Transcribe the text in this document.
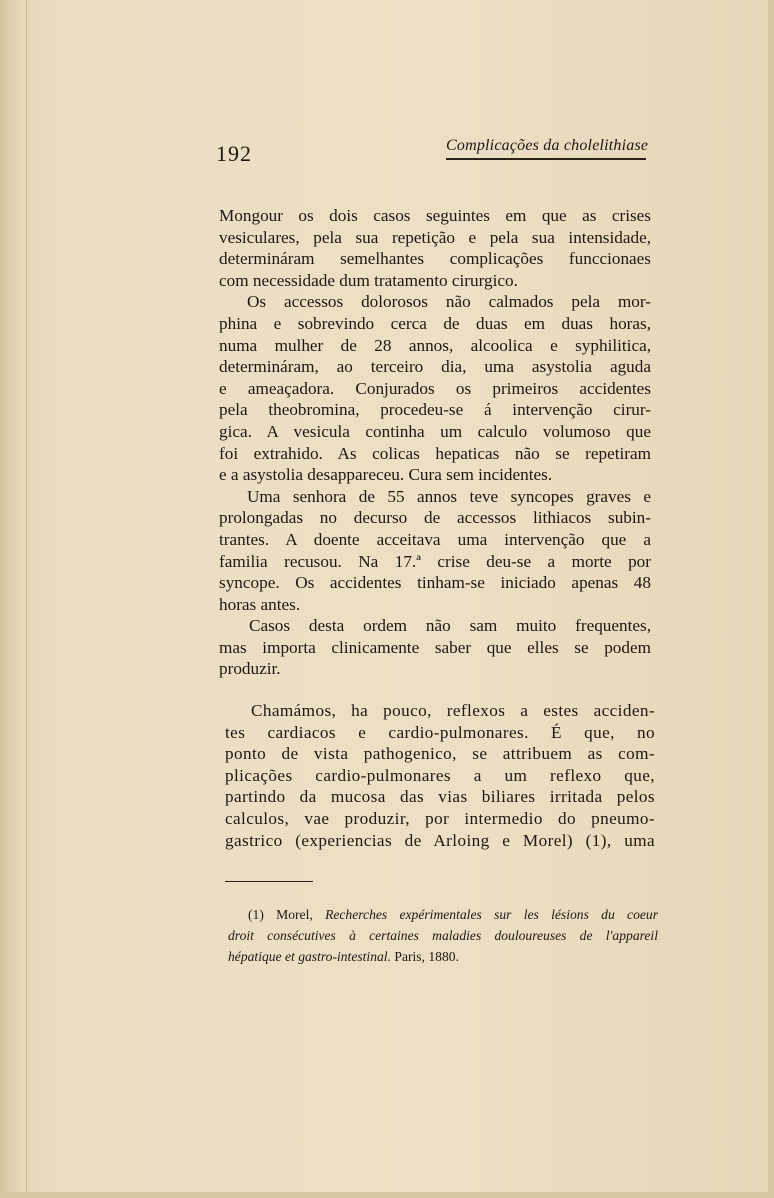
192	Complicações da cholelithiase

Mongour os dois casos seguintes em que as crises
vesiculares, pela sua repetição e pela sua intensidade,
determináram semelhantes complicações funccionaes
com necessidade dum tratamento cirurgico.

Os accessos dolorosos não calmados pela mor-

phina e sobrevindo cerca de duas em duas horas,
numa mulher de 28 annos, alcoolica e syphilitica,
determináram, ao terceiro dia, uma asystolia aguda
e ameaçadora. Conjurados os primeiros accidentes
pela theobromina, procedeu-se á intervenção cirur-
gica. A vesicula continha um calculo volumoso que
foi extrahido. As colicas hepaticas não se repetiram
e a asystolia desappareceu. Cura sem incidentes.

Uma senhora de 55 annos teve syncopes graves e

prolongadas no decurso de accessos lithiacos subin-
trantes. A doente acceitava uma intervenção que a
familia recusou. Na 17.ª crise deu-se a morte por
syncope. Os accidentes tinham-se iniciado apenas 48
horas antes.

Casos desta ordem não sam muito frequentes,

mas importa clinicamente saber que elles se podem
produzir.

Chamámos, ha pouco, reflexos a estes acciden-

tes cardiacos e cardio-pulmonares. É que, no
ponto de vista pathogenico, se attribuem as com-
plicações cardio-pulmonares a um reflexo que,
partindo da mucosa das vias biliares irritada pelos
calculos, vae produzir, por intermedio do pneumo-
gastrico (experiencias de Arloing e Morel) (1), uma

(1) Morel, Recherches expérimentales sur les lésions du coeur
droit consécutives à certaines maladies douloureuses de l'appareil
hépatique et gastro-intestinal. Paris, 1880.
